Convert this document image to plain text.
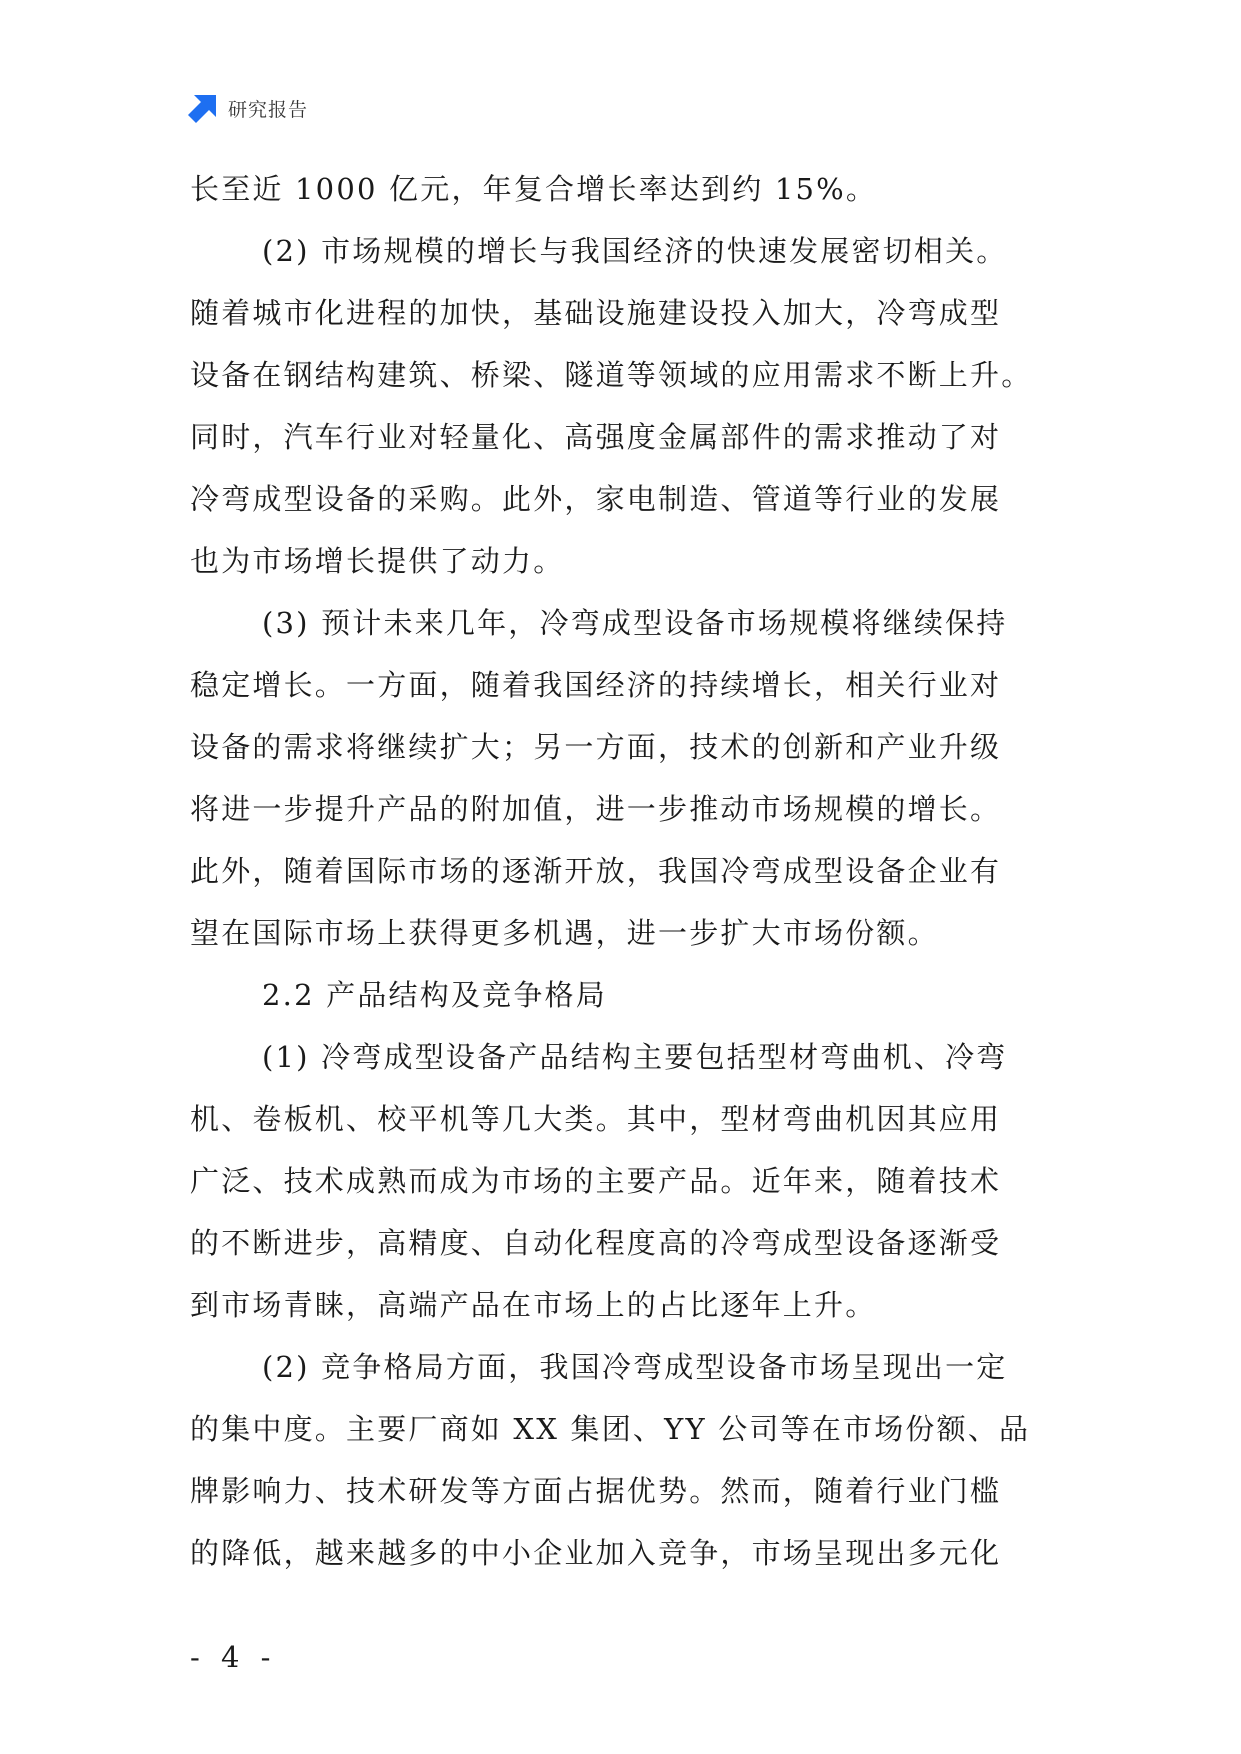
研究报告
长至近 1000 亿元，年复合增长率达到约 15%。
(2) 市场规模的增长与我国经济的快速发展密切相关。
随着城市化进程的加快，基础设施建设投入加大，冷弯成型
设备在钢结构建筑、桥梁、隧道等领域的应用需求不断上升。
同时，汽车行业对轻量化、高强度金属部件的需求推动了对
冷弯成型设备的采购。此外，家电制造、管道等行业的发展
也为市场增长提供了动力。
(3) 预计未来几年，冷弯成型设备市场规模将继续保持
稳定增长。一方面，随着我国经济的持续增长，相关行业对
设备的需求将继续扩大；另一方面，技术的创新和产业升级
将进一步提升产品的附加值，进一步推动市场规模的增长。
此外，随着国际市场的逐渐开放，我国冷弯成型设备企业有
望在国际市场上获得更多机遇，进一步扩大市场份额。
2.2 产品结构及竞争格局
(1) 冷弯成型设备产品结构主要包括型材弯曲机、冷弯
机、卷板机、校平机等几大类。其中，型材弯曲机因其应用
广泛、技术成熟而成为市场的主要产品。近年来，随着技术
的不断进步，高精度、自动化程度高的冷弯成型设备逐渐受
到市场青睐，高端产品在市场上的占比逐年上升。
(2) 竞争格局方面，我国冷弯成型设备市场呈现出一定
的集中度。主要厂商如 XX 集团、YY 公司等在市场份额、品
牌影响力、技术研发等方面占据优势。然而，随着行业门槛
的降低，越来越多的中小企业加入竞争，市场呈现出多元化
- 4 -
